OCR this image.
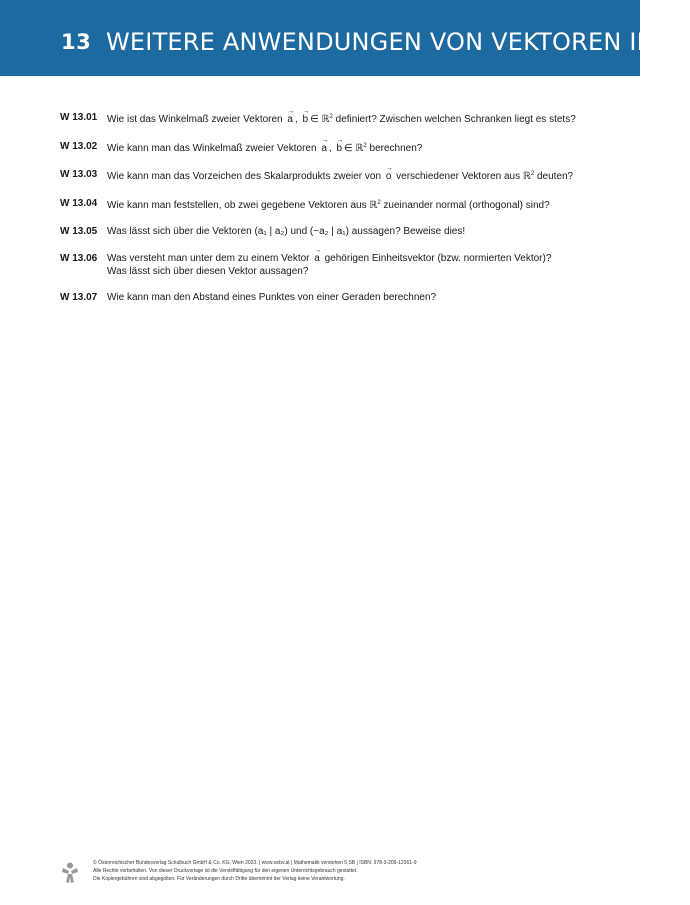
13 WEITERE ANWENDUNGEN VON VEKTOREN IN ℝ$^2$
W 13.01 Wie ist das Winkelmaß zweier Vektoren → a , → b ∈ ℝ$^2$ definiert? Zwischen welchen Schranken liegt es stets?
W 13.02 Wie kann man das Winkelmaß zweier Vektoren → a , → b ∈ ℝ$^2$ berechnen?
W 13.03 Wie kann man das Vorzeichen des Skalarprodukts zweier von → o verschiedener Vektoren aus ℝ$^2$ deuten?
W 13.04 Wie kann man feststellen, ob zwei gegebene Vektoren aus ℝ$^2$ zueinander normal (orthogonal) sind?
W 13.05 Was lässt sich über die Vektoren (a₁ | a₂) und (−a₂ | a₁) aussagen? Beweise dies!
W 13.06 Was versteht man unter dem zu einem Vektor → a gehörigen Einheitsvektor (bzw. normierten Vektor)?
Was lässt sich über diesen Vektor aussagen?
W 13.07 Wie kann man den Abstand eines Punktes von einer Geraden berechnen?
© Österreichischer Bundesverlag Schulbuch GmbH & Co. KG, Wien 2023. | www.oebv.at | Mathematik verstehen 5 SB | ISBN: 978-3-209-12361-9
Alle Rechte vorbehalten. Von dieser Druckvorlage ist die Vervielfältigung für den eigenen Unterrichtsgebrauch gestattet.
Die Kopiergebühren sind abgegolten. Für Veränderungen durch Dritte übernimmt der Verlag keine Verantwortung.
